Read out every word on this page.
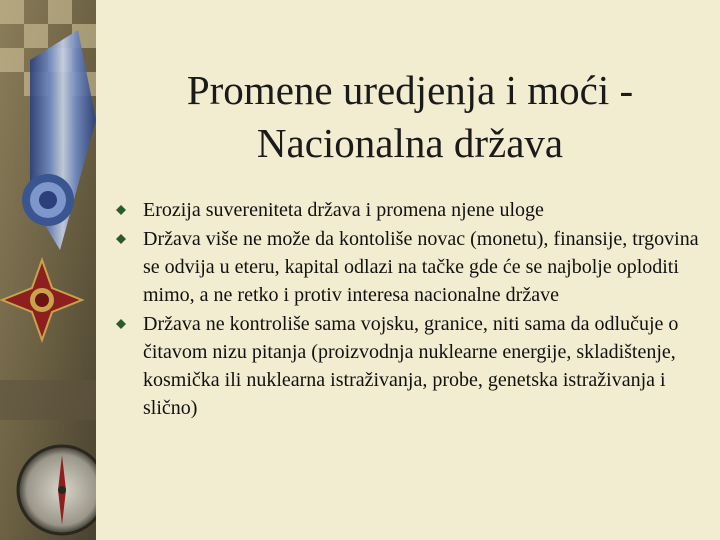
Promene uredjenja i moći -
Nacionalna država
Erozija suvereniteta država i promena njene uloge
Država više ne može da kontoliše novac (monetu), finansije, trgovina se odvija u eteru, kapital odlazi na tačke gde će se najbolje oploditi mimo, a ne retko i protiv interesa nacionalne države
Država ne kontroliše sama vojsku, granice, niti sama da odlučuje o čitavom nizu pitanja (proizvodnja nuklearne energije, skladištenje, kosmička ili nuklearna istraživanja, probe, genetska istraživanja i slično)
